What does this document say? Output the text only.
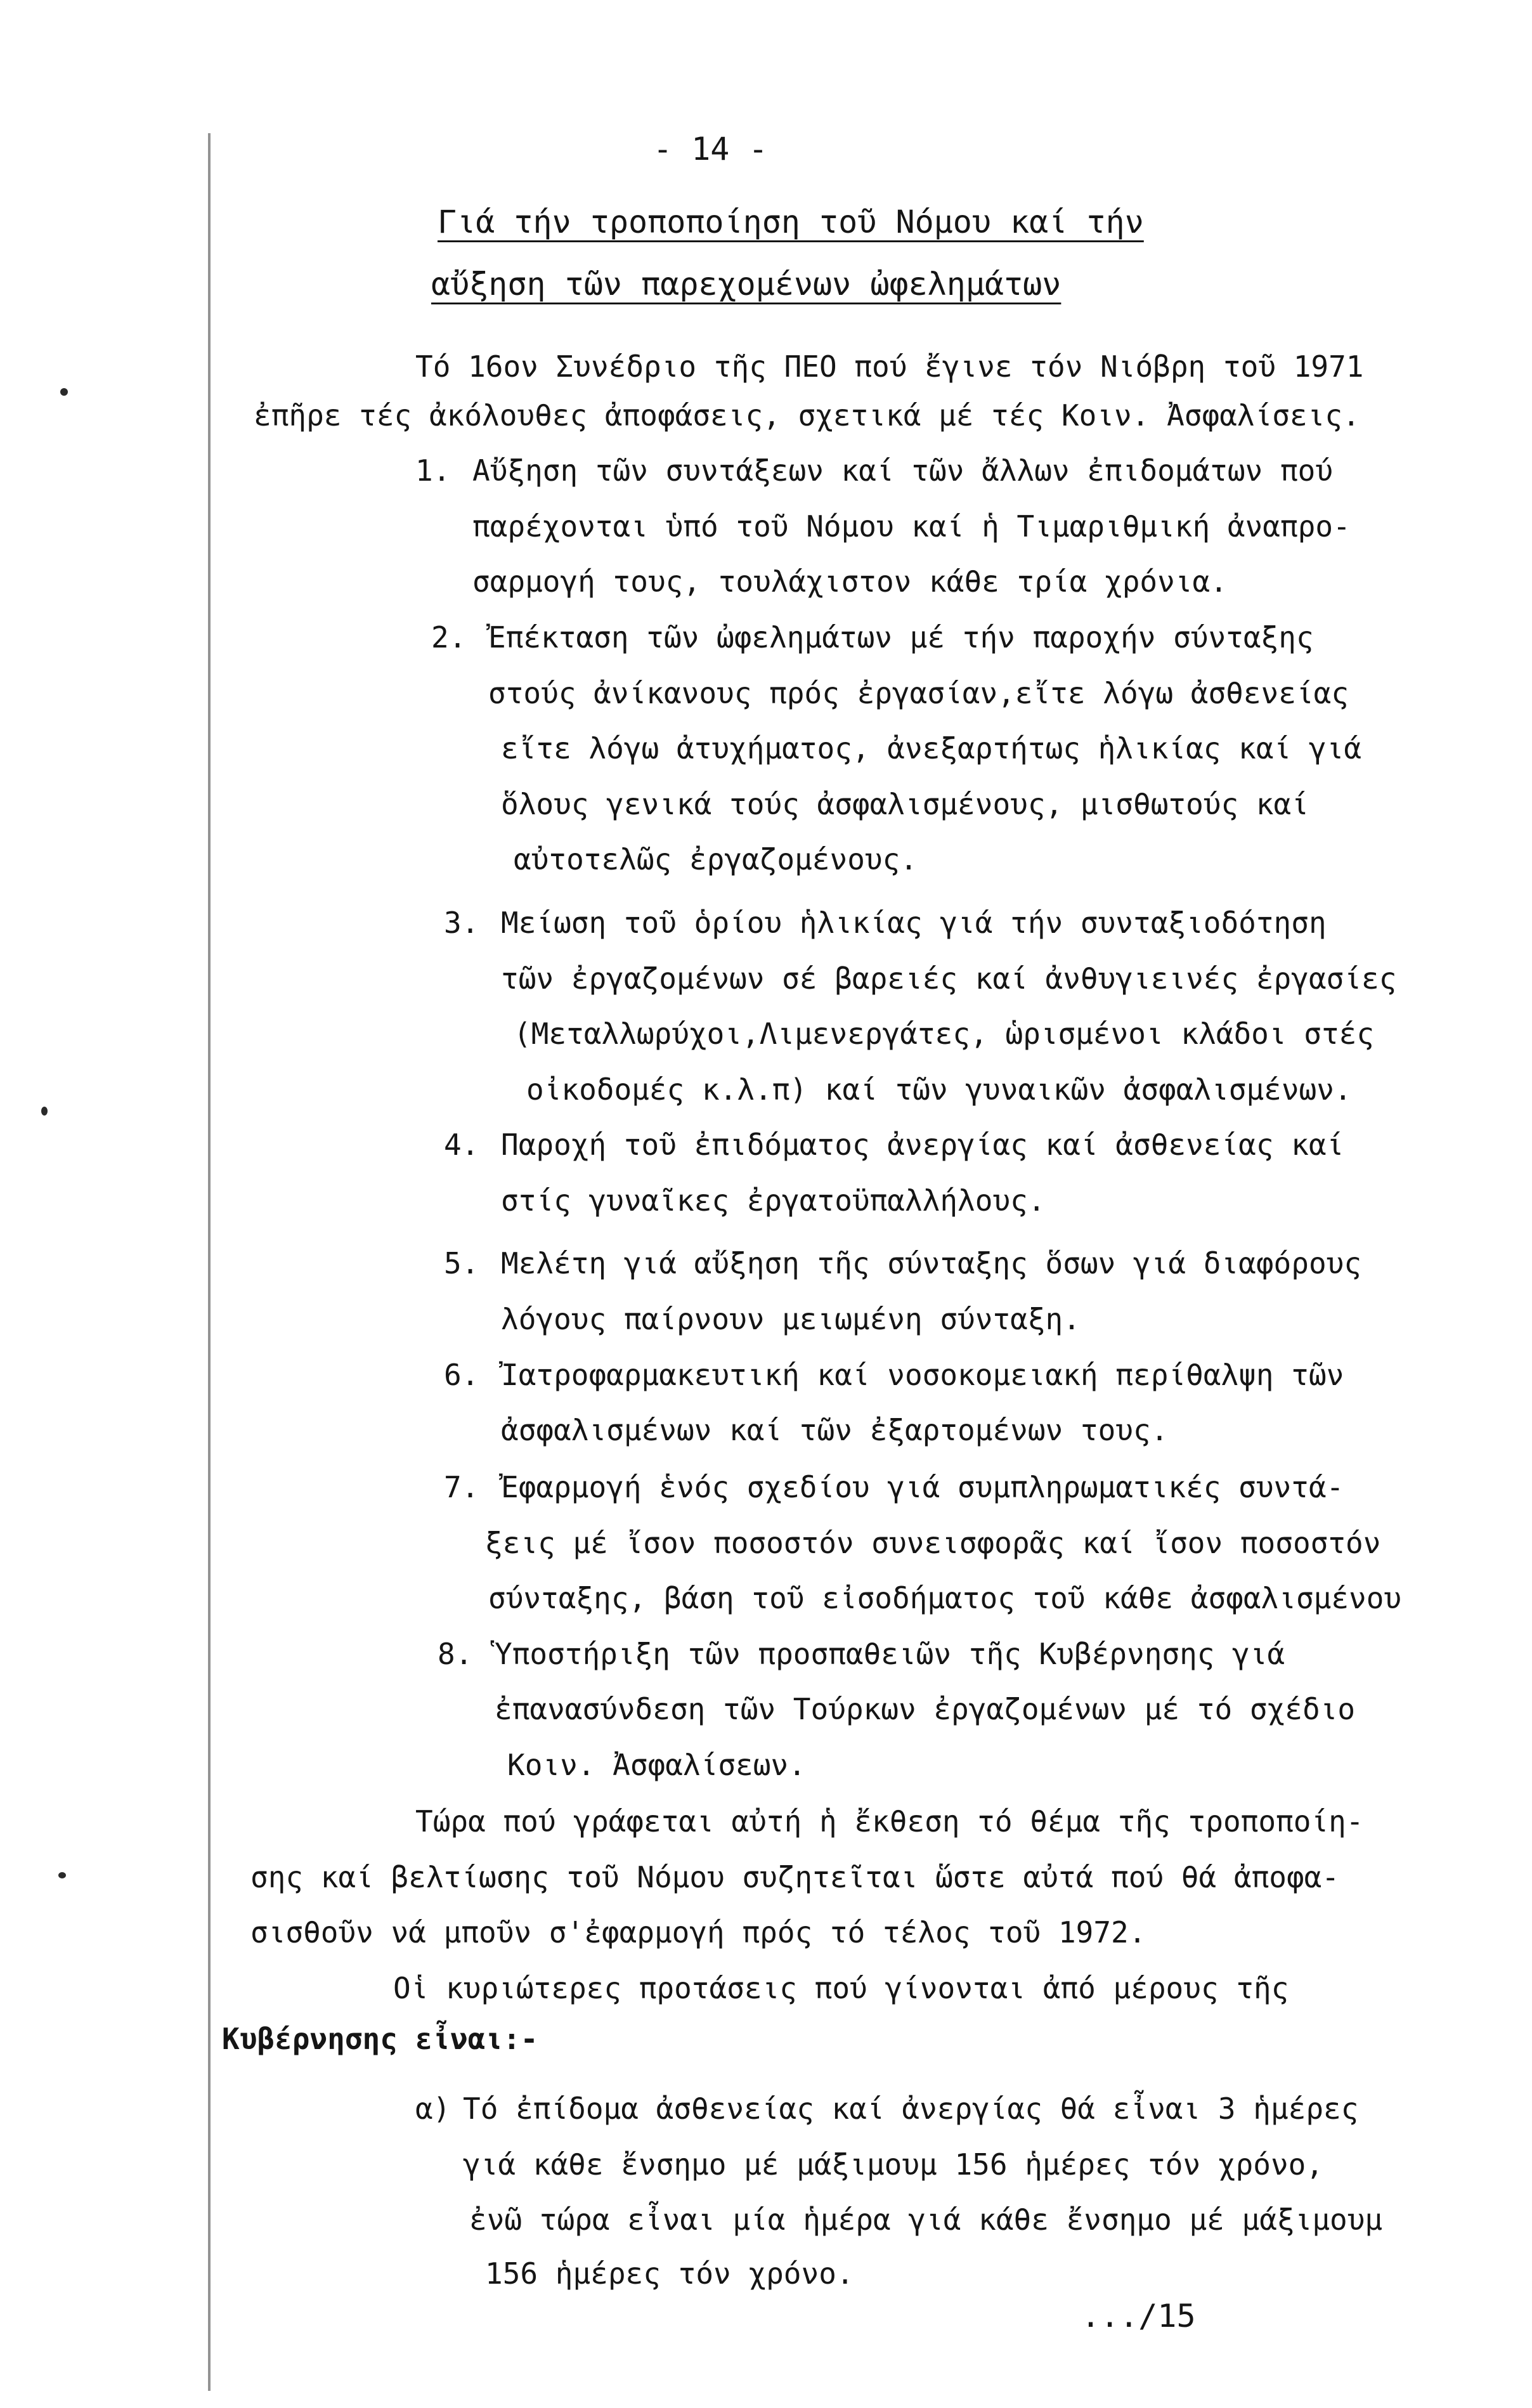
- 14 -
Γιά τήν τροποποίηση τοῦ Νόμου καί τήν
αὔξηση τῶν παρεχομένων ὠφελημάτων
Τό 16ον Συνέδριο τῆς ΠΕΟ πού ἔγινε τόν Νιόβρη τοῦ 1971
ἐπῆρε τές ἀκόλουθες ἀποφάσεις, σχετικά μέ τές Κοιν. Ἀσφαλίσεις.
1. Αὔξηση τῶν συντάξεων καί τῶν ἄλλων ἐπιδομάτων πού
παρέχονται ὑπό τοῦ Νόμου καί ἡ Τιμαριθμική ἀναπρο-
σαρμογή τους, τουλάχιστον κάθε τρία χρόνια.
2. Ἐπέκταση τῶν ὠφελημάτων μέ τήν παροχήν σύνταξης
στούς ἀνίκανους πρός ἐργασίαν,εἴτε λόγω ἀσθενείας
εἴτε λόγω ἀτυχήματος, ἀνεξαρτήτως ἡλικίας καί γιά
ὅλους γενικά τούς ἀσφαλισμένους, μισθωτούς καί
αὐτοτελῶς ἐργαζομένους.
3. Μείωση τοῦ ὁρίου ἡλικίας γιά τήν συνταξιοδότηση
τῶν ἐργαζομένων σέ βαρειές καί ἀνθυγιεινές ἐργασίες
(Μεταλλωρύχοι,Λιμενεργάτες, ὡρισμένοι κλάδοι στές
οἰκοδομές κ.λ.π) καί τῶν γυναικῶν ἀσφαλισμένων.
4. Παροχή τοῦ ἐπιδόματος ἀνεργίας καί ἀσθενείας καί
στίς γυναῖκες ἐργατοϋπαλλήλους.
5. Μελέτη γιά αὔξηση τῆς σύνταξης ὅσων γιά διαφόρους
λόγους παίρνουν μειωμένη σύνταξη.
6. Ἰατροφαρμακευτική καί νοσοκομειακή περίθαλψη τῶν
ἀσφαλισμένων καί τῶν ἐξαρτομένων τους.
7. Ἐφαρμογή ἑνός σχεδίου γιά συμπληρωματικές συντά-
ξεις μέ ἴσον ποσοστόν συνεισφορᾶς καί ἴσον ποσοστόν
σύνταξης, βάση τοῦ εἰσοδήματος τοῦ κάθε ἀσφαλισμένου
8. Ὑποστήριξη τῶν προσπαθειῶν τῆς Κυβέρνησης γιά
ἐπανασύνδεση τῶν Τούρκων ἐργαζομένων μέ τό σχέδιο
Κοιν. Ἀσφαλίσεων.
Τώρα πού γράφεται αὐτή ἡ ἔκθεση τό θέμα τῆς τροποποίη-
σης καί βελτίωσης τοῦ Νόμου συζητεῖται ὥστε αὐτά πού θά ἀποφα-
σισθοῦν νά μποῦν σ'ἐφαρμογή πρός τό τέλος τοῦ 1972.
Οἱ κυριώτερες προτάσεις πού γίνονται ἀπό μέρους τῆς
Κυβέρνησης εἶναι:-
α) Τό ἐπίδομα ἀσθενείας καί ἀνεργίας θά εἶναι 3 ἡμέρες
γιά κάθε ἔνσημο μέ μάξιμουμ 156 ἡμέρες τόν χρόνο,
ἐνῶ τώρα εἶναι μία ἡμέρα γιά κάθε ἔνσημο μέ μάξιμουμ
156 ἡμέρες τόν χρόνο.
.../15
